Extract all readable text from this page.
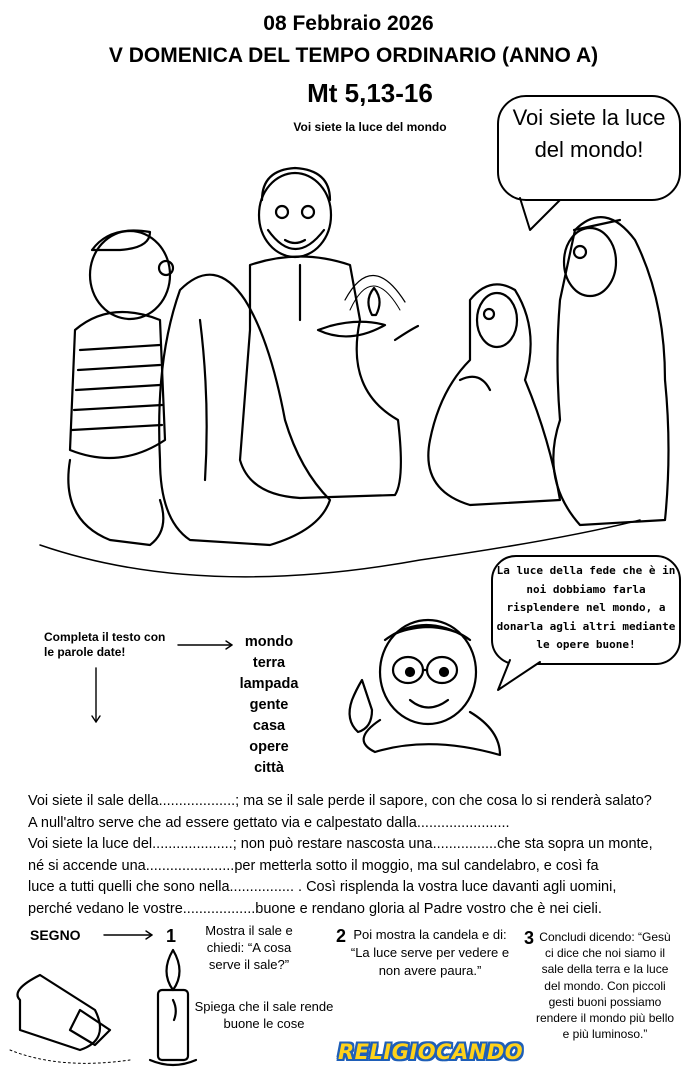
08 Febbraio 2026
V DOMENICA DEL TEMPO ORDINARIO (ANNO A)
Mt 5,13-16
Voi siete la luce del mondo	Voi siete la luce del mondo!
La luce della fede che è in noi dobbiamo farla risplendere nel mondo, a donarla agli altri mediante le opere buone!
Completa il testo con le parole date!
mondo
terra
lampada
gente
casa
opere
città
Voi siete il sale della...................; ma se il sale perde il sapore, con che cosa lo si renderà salato?
A null'altro serve che ad essere gettato via e calpestato dalla.......................
Voi siete la luce del....................; non può restare nascosta una................che sta sopra un monte,
né si accende una......................per metterla sotto il moggio, ma sul candelabro, e così fa
luce a tutti quelli che sono nella................ . Così risplenda la vostra luce davanti agli uomini,
perché vedano le vostre..................buone e rendano gloria al Padre vostro che è nei cieli.
SEGNO	1	Mostra il sale e chiedi: “A cosa serve il sale?”
Spiega che il sale rende buone le cose
2 Poi mostra la candela e di: “La luce serve per vedere e non avere paura.”
3 Concludi dicendo: “Gesù ci dice che noi siamo il sale della terra e la luce del mondo. Con piccoli gesti buoni possiamo rendere il mondo più bello e più luminoso.”
RELIGIOCANDO
